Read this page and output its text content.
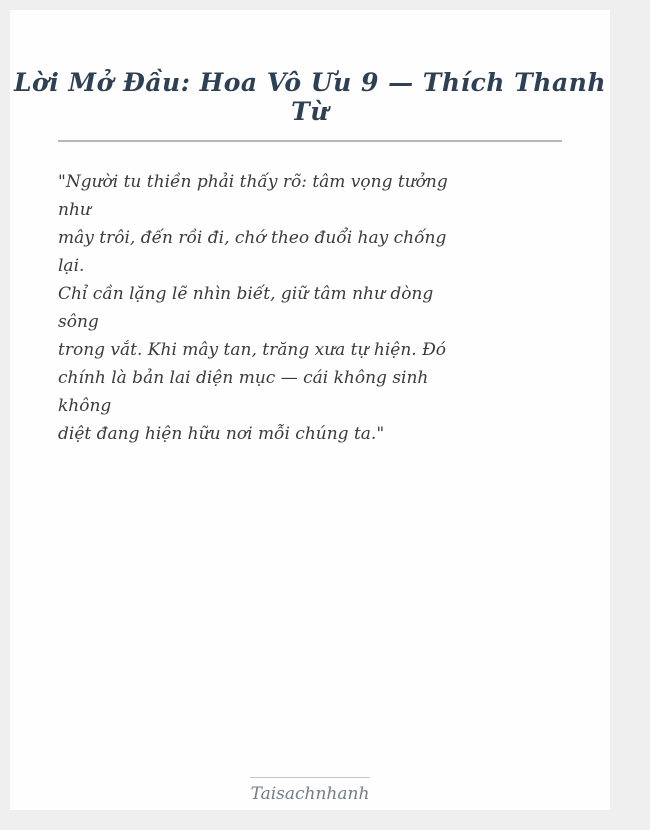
Lời Mở Đầu: Hoa Vô Ưu 9 — Thích Thanh Từ
"Người tu thiền phải thấy rõ: tâm vọng tưởng
như
mây trôi, đến rồi đi, chớ theo đuổi hay chống
lại.
Chỉ cần lặng lẽ nhìn biết, giữ tâm như dòng
sông
trong vắt. Khi mây tan, trăng xưa tự hiện. Đó
chính là bản lai diện mục — cái không sinh
không
diệt đang hiện hữu nơi mỗi chúng ta."
Taisachnhanh
